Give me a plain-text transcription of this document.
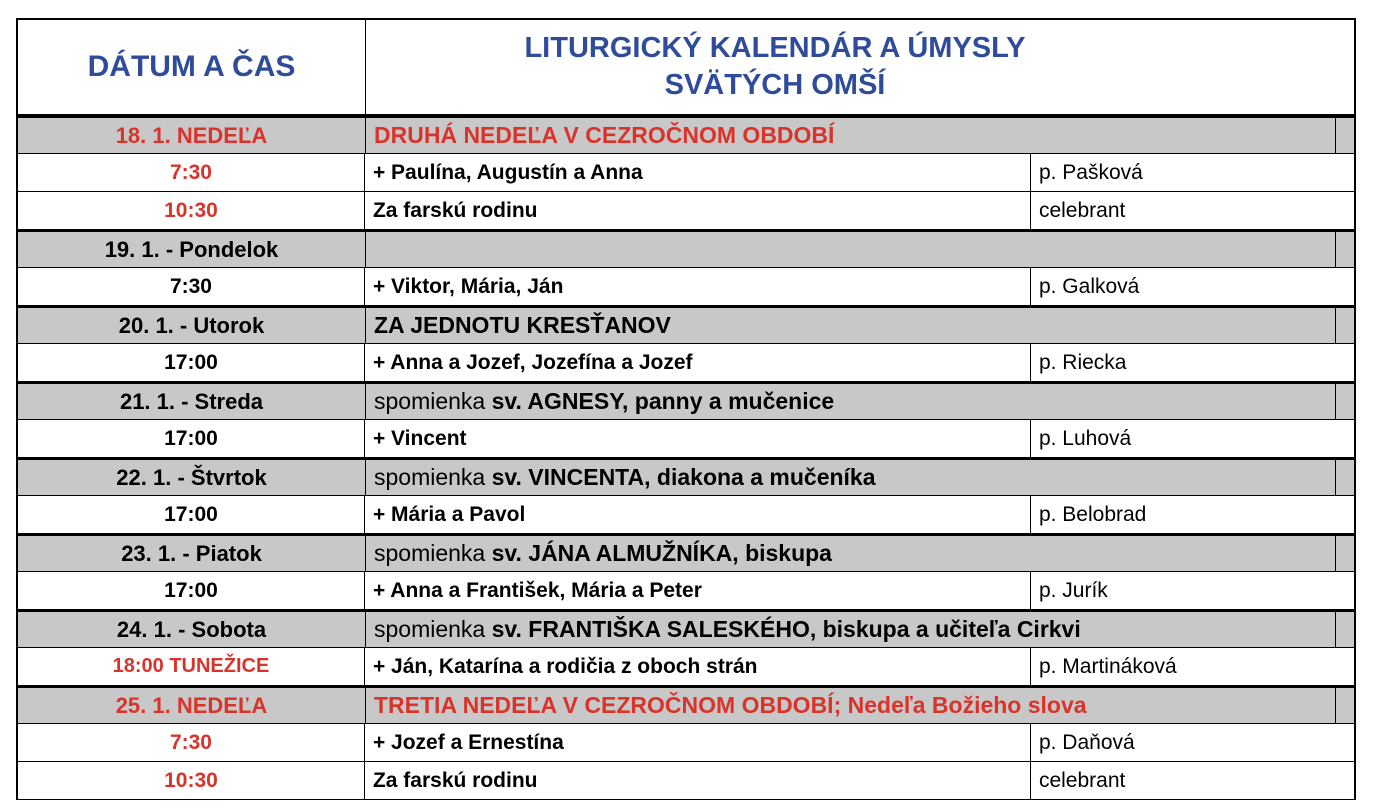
DÁTUM A ČAS
LITURGICKÝ KALENDÁR A ÚMYSLY
SVÄTÝCH OMŠÍ
18. 1. NEDEĽA	DRUHÁ NEDEĽA V CEZROČNOM OBDOBÍ
7:30	+ Paulína, Augustín a Anna	p. Pašková
10:30	Za farskú rodinu	celebrant
19. 1. - Pondelok
7:30	+ Viktor, Mária, Ján	p. Galková
20. 1. - Utorok	ZA JEDNOTU KRESŤANOV
17:00	+ Anna a Jozef, Jozefína a Jozef	p. Riecka
21. 1. - Streda	spomienka sv. AGNESY, panny a mučenice
17:00	+ Vincent	p. Luhová
22. 1. - Štvrtok	spomienka sv. VINCENTA, diakona a mučeníka
17:00	+ Mária a Pavol	p. Belobrad
23. 1. - Piatok	spomienka sv. JÁNA ALMUŽNÍKA, biskupa
17:00	+ Anna a František, Mária a Peter	p. Jurík
24. 1. - Sobota	spomienka sv. FRANTIŠKA SALESKÉHO, biskupa a učiteľa Cirkvi
18:00 TUNEŽICE	+ Ján, Katarína a rodičia z oboch strán	p. Martináková
25. 1. NEDEĽA	TRETIA NEDEĽA V CEZROČNOM OBDOBÍ; Nedeľa Božieho slova
7:30	+ Jozef a Ernestína	p. Daňová
10:30	Za farskú rodinu	celebrant
